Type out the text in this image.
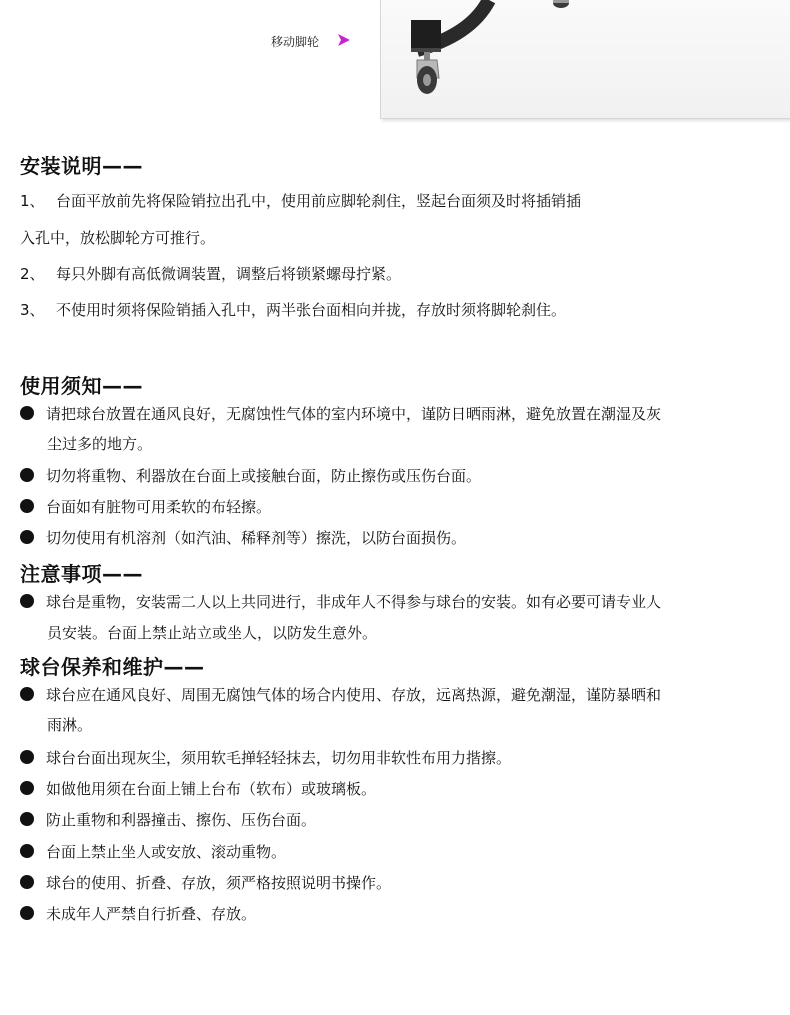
移动脚轮
安装说明——
1、 台面平放前先将保险销拉出孔中，使用前应脚轮刹住，竖起台面须及时将插销插
入孔中，放松脚轮方可推行。
2、 每只外脚有高低微调装置，调整后将锁紧螺母拧紧。
3、 不使用时须将保险销插入孔中，两半张台面相向并拢，存放时须将脚轮刹住。
使用须知——
请把球台放置在通风良好，无腐蚀性气体的室内环境中，谨防日晒雨淋，避免放置在潮湿及灰
尘过多的地方。
切勿将重物、利器放在台面上或接触台面，防止擦伤或压伤台面。
台面如有脏物可用柔软的布轻擦。
切勿使用有机溶剂（如汽油、稀释剂等）擦洗，以防台面损伤。
注意事项——
球台是重物，安装需二人以上共同进行，非成年人不得参与球台的安装。如有必要可请专业人
员安装。台面上禁止站立或坐人，以防发生意外。
球台保养和维护——
球台应在通风良好、周围无腐蚀气体的场合内使用、存放，远离热源，避免潮湿，谨防暴晒和
雨淋。
球台台面出现灰尘，须用软毛掸轻轻抹去，切勿用非软性布用力揩擦。
如做他用须在台面上铺上台布（软布）或玻璃板。
防止重物和利器撞击、擦伤、压伤台面。
台面上禁止坐人或安放、滚动重物。
球台的使用、折叠、存放，须严格按照说明书操作。
未成年人严禁自行折叠、存放。
